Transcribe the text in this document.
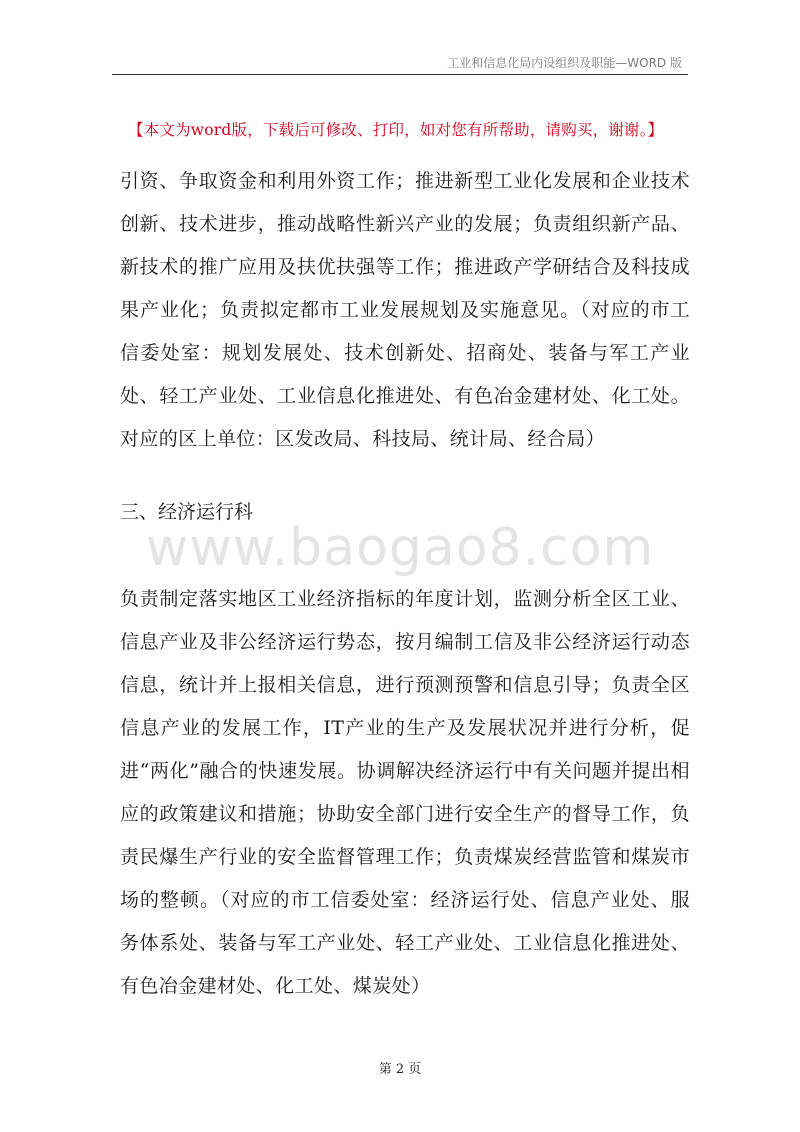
工业和信息化局内设组织及职能—WORD 版
【本文为word版，下载后可修改、打印，如对您有所帮助，请购买，谢谢。】
引资、争取资金和利用外资工作；推进新型工业化发展和企业技术创新、技术进步，推动战略性新兴产业的发展；负责组织新产品、新技术的推广应用及扶优扶强等工作；推进政产学研结合及科技成果产业化；负责拟定都市工业发展规划及实施意见。（对应的市工信委处室：规划发展处、技术创新处、招商处、装备与军工产业处、轻工产业处、工业信息化推进处、有色冶金建材处、化工处。对应的区上单位：区发改局、科技局、统计局、经合局）
三、经济运行科
www.baogao8.com
负责制定落实地区工业经济指标的年度计划，监测分析全区工业、信息产业及非公经济运行势态，按月编制工信及非公经济运行动态信息，统计并上报相关信息，进行预测预警和信息引导；负责全区信息产业的发展工作，IT产业的生产及发展状况并进行分析，促进“两化”融合的快速发展。协调解决经济运行中有关问题并提出相应的政策建议和措施；协助安全部门进行安全生产的督导工作，负责民爆生产行业的安全监督管理工作；负责煤炭经营监管和煤炭市场的整顿。（对应的市工信委处室：经济运行处、信息产业处、服务体系处、装备与军工产业处、轻工产业处、工业信息化推进处、有色冶金建材处、化工处、煤炭处）
第 2 页
